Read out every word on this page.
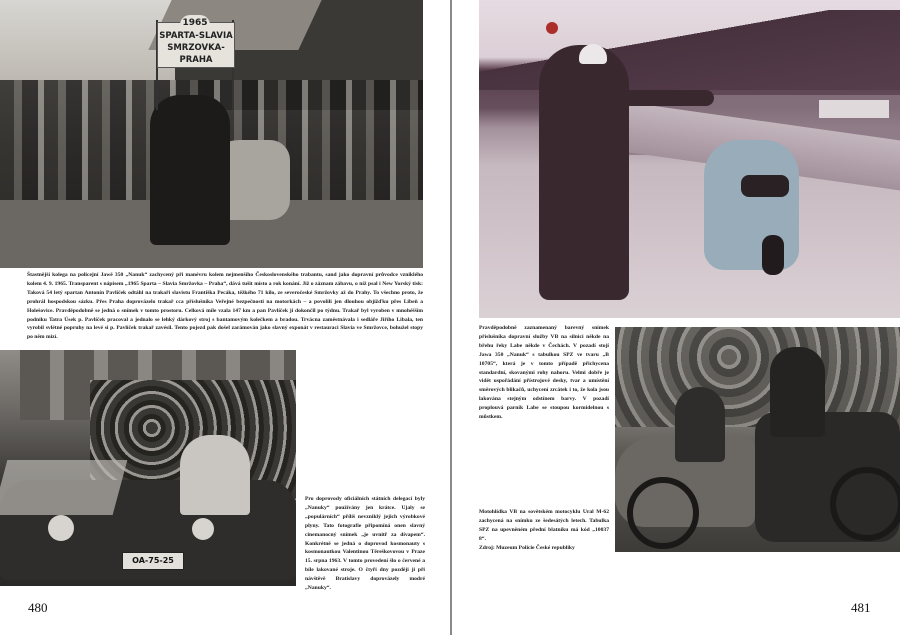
1965
SPARTA-SLAVIA
SMRZOVKA-PRAHA
Štastnější kolega na policejní Jawě 350 „Nanuk“ zachycený při manévru kolem nejmenšího Československého trabantu, sand jako dopravní průvodce vzniklého kolem 4. 9. 1965. Transparent s nápisem „1965 Sparta – Slavia Smržovka – Praha“, dává tušit místo a rok konání. Již o záznam zábavu, o níž psal i New Yorský tisk: Taková 54 letý spartan Antonín Pavlíček odtáhl na trakaři slavistu Františka Pecáka, těžkého 71 kilo, ze severočeské Smržovky až do Prahy. To všechno proto, že prohrál hospodskou sázku. Přes Praha doprovázelo trakař cca příslušníka Veřejné bezpečnosti na motorkách – a povolili jen dlouhou objížďku přes Libeň a Holešovice. Pravděpodobně se jedná o snímek v tomto prostoru. Celková míle vzala 147 km a pan Pavlíček ji dokončil po týdnu. Trakař byl vyroben v mnohéšším podniku Tatra Úsek p. Pavlíček pracoval a jednalo se lehký dárkový stroj s bantamovým kolečkem a bradou. Trvácna zaměstnávala i sedláře Jiřího Libala, ten vyrobil svlétné popruhy na levé si p. Pavlíček trakař zavésil. Tento pojezd pak došel zarámován jako slavný exponát v restauraci Slavia ve Smržovce, bohužel stopy po něm mizí.
OA-75-25
Pro doprovody oficiálních státních delegací byly „Nanuky“ používány jen krátce. Ujaly se „populárních“ příliš nevzniklý jejich výrobkové plyny. Tato fotografie připomíná onen slavný cinemanocný snímek „je uvnitř za dívapem“. Konkrétně se jedná o doprovod kosmonauty s kosmonautkou Valentinou Těreškovovou v Praze 15. srpna 1963. V tomto provedení šlo o červené a bíle lakované stroje. O čtyři dny později ji při návštěvě Bratislavy doprovázely modré „Nanuky“.
480
Pravděpodobně zaznamenaný barevný snímek příslušníka dopravní služby VB na silnici někde na břehu řeky Labe někde v Čechách. V pozadí stojí Jawa 350 „Nanuk“ s tabulkou SPZ ve tvaru „B 10705“, která je v tomto případě přichycena standardní, skovanými rohy nahoru. Velmi dobře je vidět uspořádání přístrojové desky, tvar a umístění směrových blikačů, uchycení zrcátek i to, že kola jsou lakována stejným odstínem barvy. V pozadí proplouvá parník Labe se stoupou kormidelnou s můstkem.
Motohlídka VB na sovětském motocyklu Ural M-62 zachycená na snímku ze šedesátých letech. Tabulka SPZ na upevněném přední blatníku má kód „10037 8“.
Zdroj: Muzeum Policie České republiky
481
